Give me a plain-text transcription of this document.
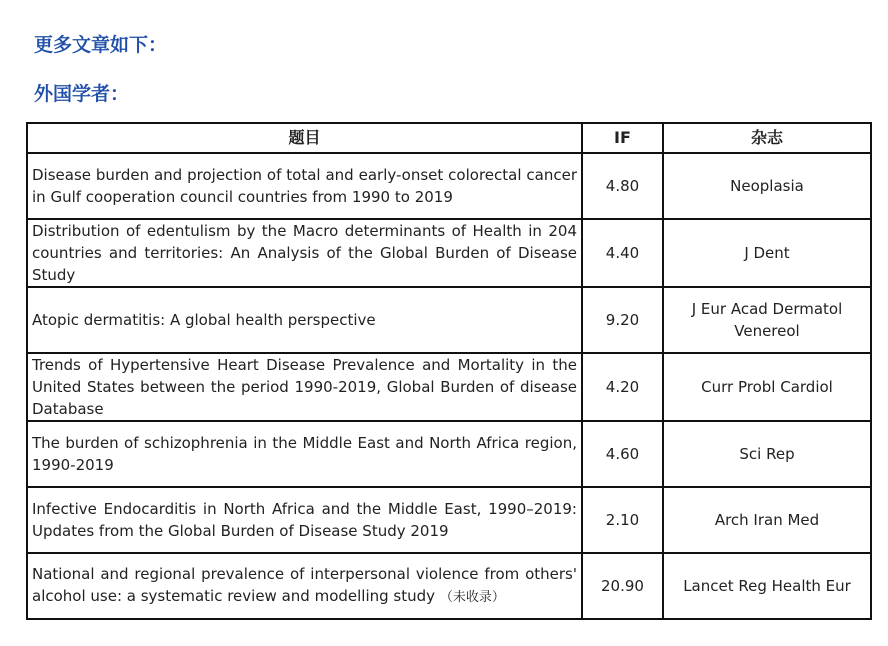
更多文章如下：
外国学者：
题目	IF	杂志
Disease burden and projection of total and early-onset colorectal cancer in Gulf cooperation council countries from 1990 to 2019	4.80	Neoplasia
Distribution of edentulism by the Macro determinants of Health in 204 countries and territories: An Analysis of the Global Burden of Disease Study	4.40	J Dent
Atopic dermatitis: A global health perspective	9.20	J Eur Acad Dermatol Venereol
Trends of Hypertensive Heart Disease Prevalence and Mortality in the United States between the period 1990-2019, Global Burden of disease Database	4.20	Curr Probl Cardiol
The burden of schizophrenia in the Middle East and North Africa region, 1990-2019	4.60	Sci Rep
Infective Endocarditis in North Africa and the Middle East, 1990–2019: Updates from the Global Burden of Disease Study 2019	2.10	Arch Iran Med
National and regional prevalence of interpersonal violence from others' alcohol use: a systematic review and modelling study （未收录）	20.90	Lancet Reg Health Eur
